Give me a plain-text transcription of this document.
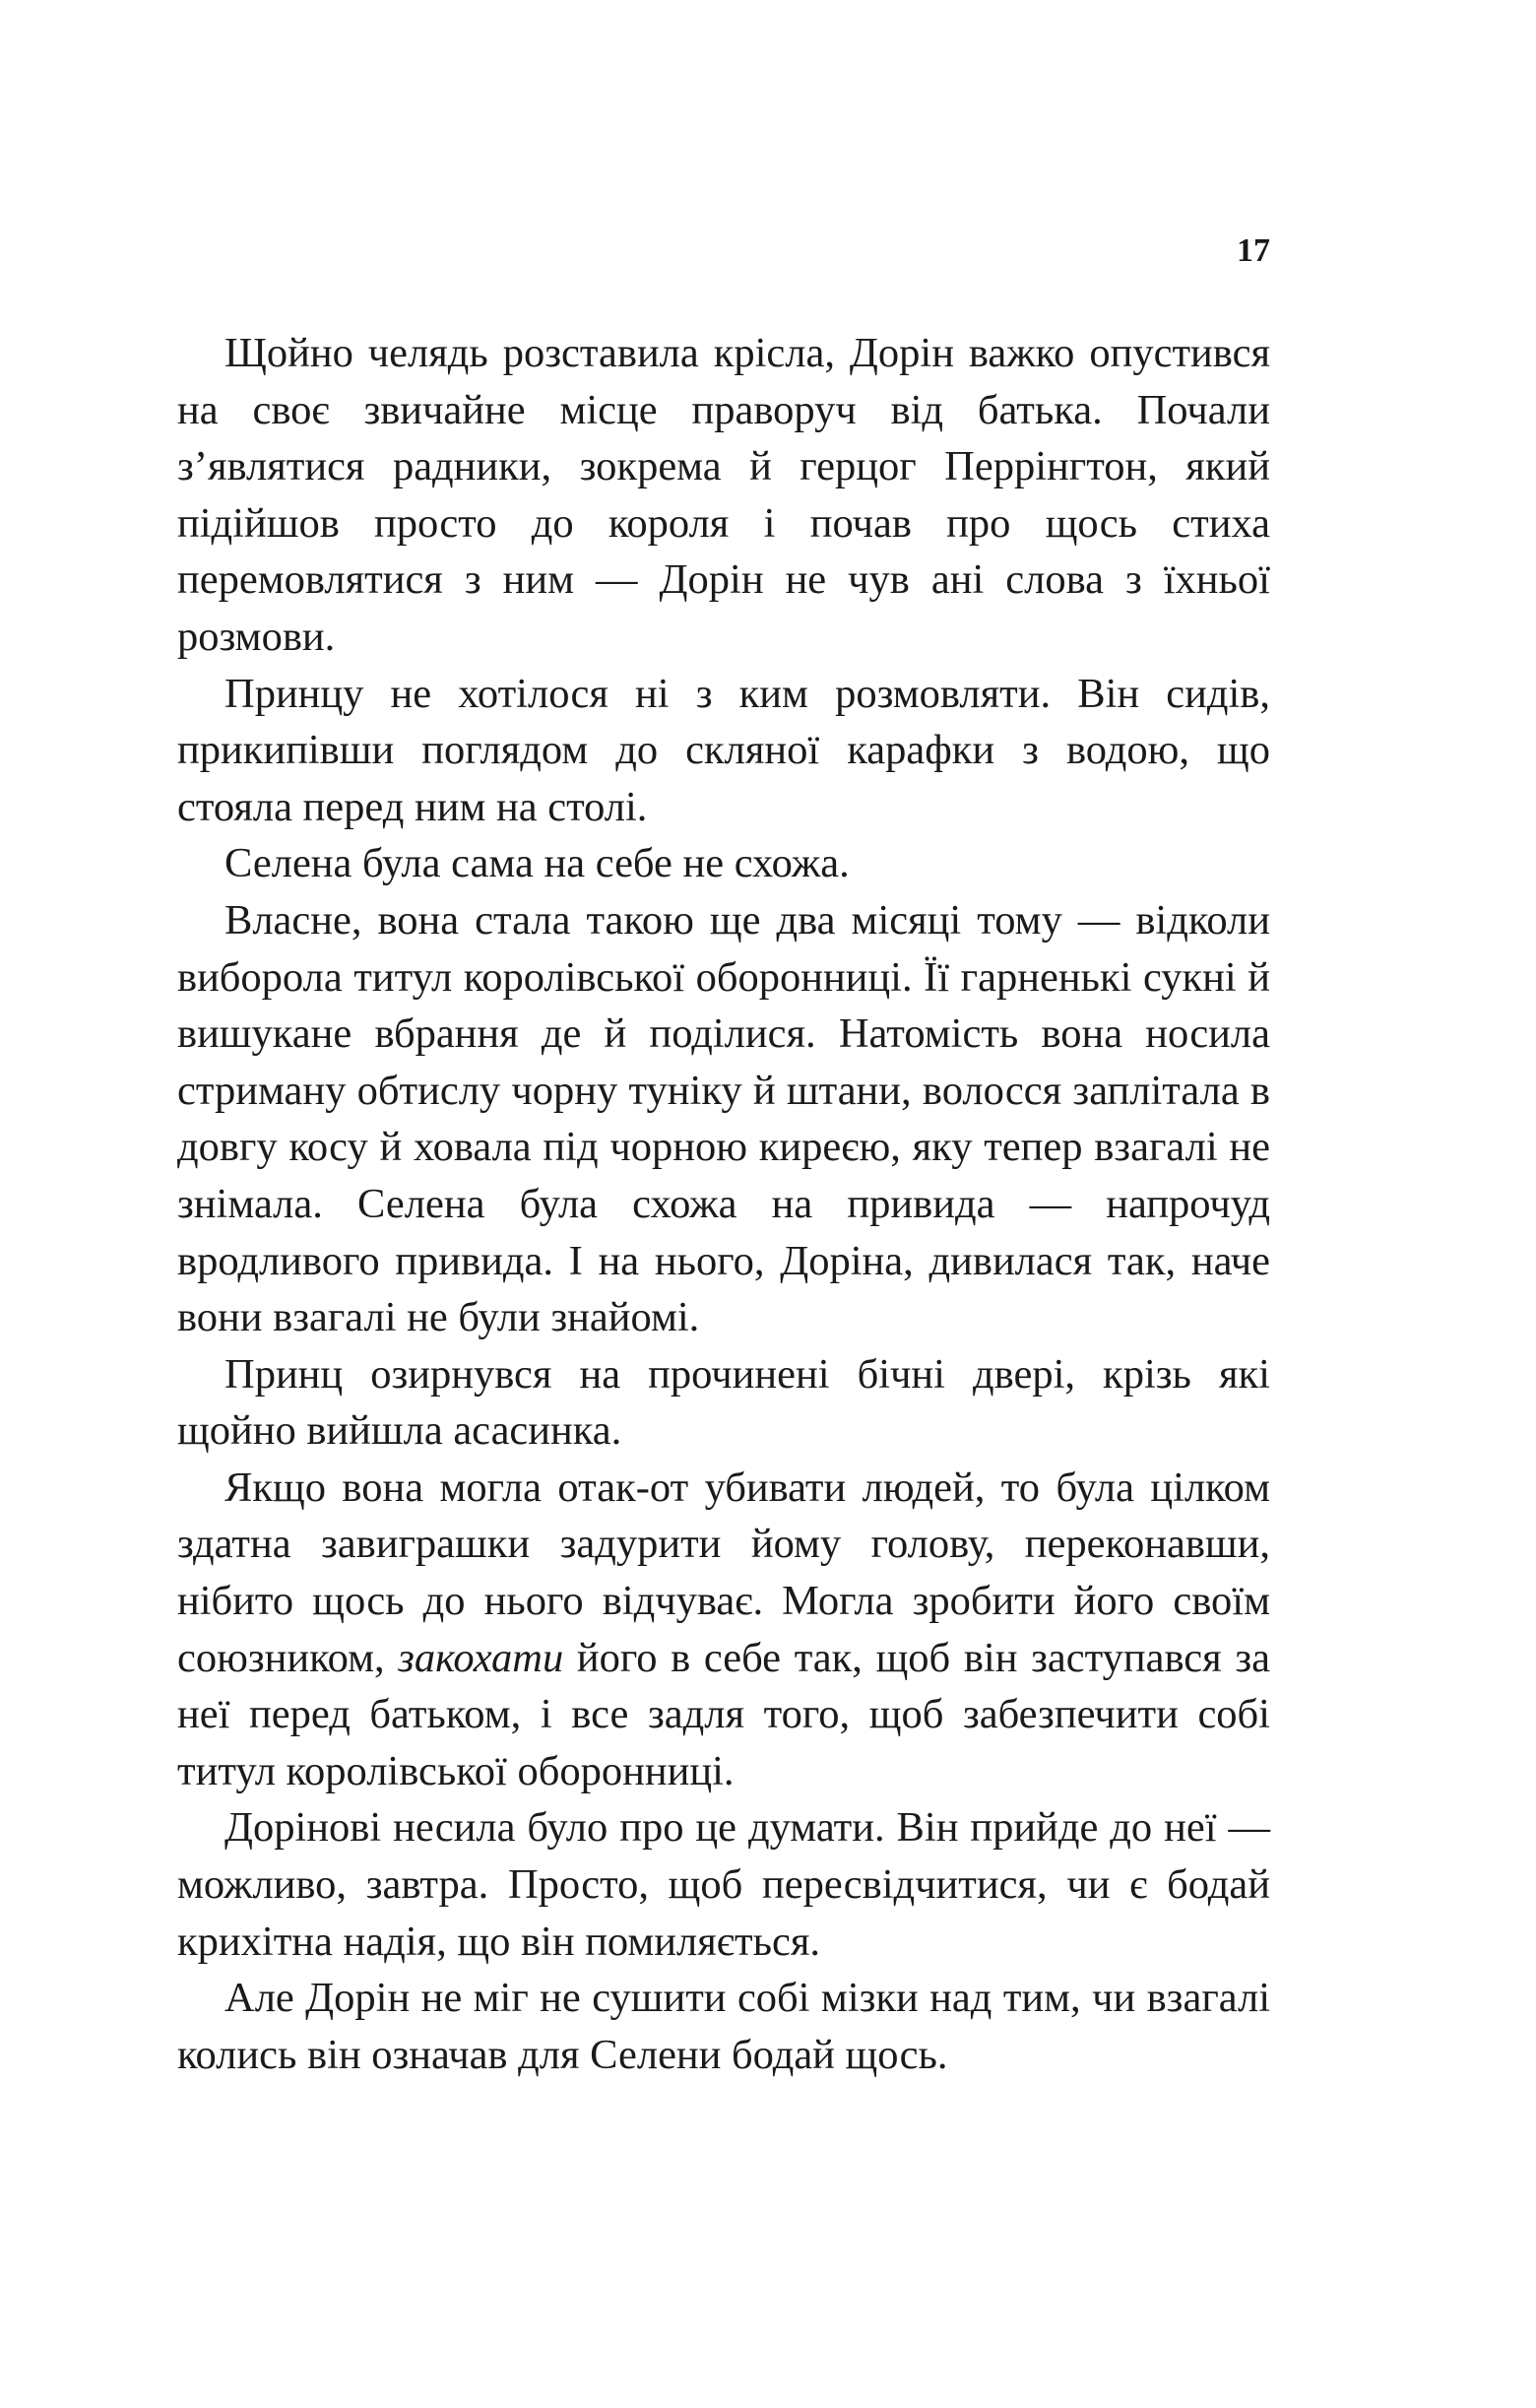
17

Щойно челядь розставила крісла, Дорін важко опустився на своє звичайне місце праворуч від батька. Почали з’являтися радники, зокрема й герцог Перрінгтон, який підійшов просто до короля і почав про щось стиха перемовлятися з ним — Дорін не чув ані слова з їхньої розмови.

Принцу не хотілося ні з ким розмовляти. Він сидів, прикипівши поглядом до скляної карафки з водою, що стояла перед ним на столі.

Селена була сама на себе не схожа.

Власне, вона стала такою ще два місяці тому — відколи виборола титул королівської оборонниці. Її гарненькі сукні й вишукане вбрання де й поділися. Натомість вона носила стриману обтислу чорну туніку й штани, волосся заплітала в довгу косу й ховала під чорною киреєю, яку тепер взагалі не знімала. Селена була схожа на привида — напрочуд вродливого привида. І на нього, Доріна, дивилася так, наче вони взагалі не були знайомі.

Принц озирнувся на прочинені бічні двері, крізь які щойно вийшла асасинка.

Якщо вона могла отак-от убивати людей, то була цілком здатна завиграшки задурити йому голову, переконавши, нібито щось до нього відчуває. Могла зробити його своїм союзником, закохати його в себе так, щоб він заступався за неї перед батьком, і все задля того, щоб забезпечити собі титул королівської оборонниці.

Дорінові несила було про це думати. Він прийде до неї — можливо, завтра. Просто, щоб пересвідчитися, чи є бодай крихітна надія, що він помиляється.

Але Дорін не міг не сушити собі мізки над тим, чи взагалі колись він означав для Селени бодай щось.
